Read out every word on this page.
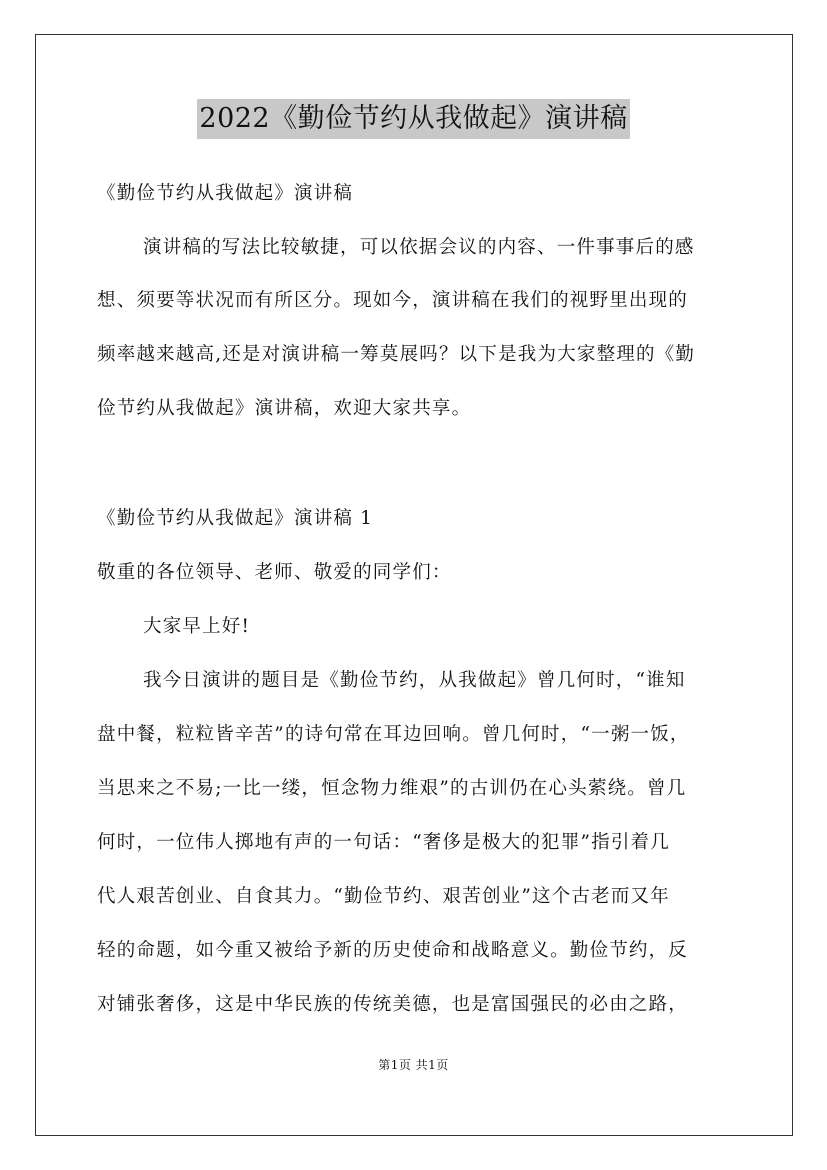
2022《勤俭节约从我做起》演讲稿
《勤俭节约从我做起》演讲稿
演讲稿的写法比较敏捷，可以依据会议的内容、一件事事后的感
想、须要等状况而有所区分。现如今，演讲稿在我们的视野里出现的
频率越来越高,还是对演讲稿一筹莫展吗？以下是我为大家整理的《勤
俭节约从我做起》演讲稿，欢迎大家共享。
《勤俭节约从我做起》演讲稿 1
敬重的各位领导、老师、敬爱的同学们：
大家早上好!
我今日演讲的题目是《勤俭节约，从我做起》曾几何时，“谁知
盘中餐，粒粒皆辛苦”的诗句常在耳边回响。曾几何时，“一粥一饭，
当思来之不易;一比一缕，恒念物力维艰”的古训仍在心头萦绕。曾几
何时，一位伟人掷地有声的一句话：“奢侈是极大的犯罪”指引着几
代人艰苦创业、自食其力。“勤俭节约、艰苦创业”这个古老而又年
轻的命题，如今重又被给予新的历史使命和战略意义。勤俭节约，反
对铺张奢侈，这是中华民族的传统美德，也是富国强民的必由之路，
第1页 共1页
